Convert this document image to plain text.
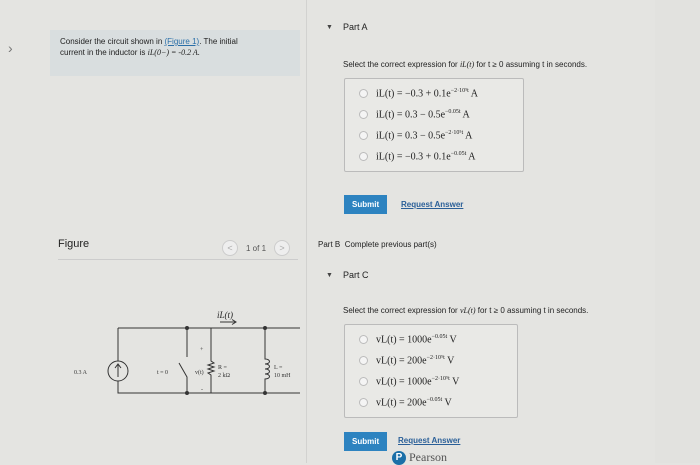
›	Consider the circuit shown in (Figure 1). The initial
current in the inductor is iL(0−) = -0.2 A.
Figure	<	1 of 1	>
iL(t)
0.3 A	t = 0	v(t)
+
-
R =
2 kΩ
L =
10 mH
▼ Part A
Select the correct expression for iL(t) for t ≥ 0 assuming t in seconds.
$iL(t) = -0.3 + 0.1e^{-2\cdot 10^5t}$ A
$iL(t) = 0.3 - 0.5e^{-0.05t}$ A
$iL(t) = 0.3 - 0.5e^{-2\cdot 10^5t}$ A
$iL(t) = -0.3 + 0.1e^{-0.05t}$ A
Submit	Request Answer
Part B Complete previous part(s)
▼ Part C
Select the correct expression for vL(t) for t ≥ 0 assuming t in seconds.
$vL(t) = 1000e^{-0.05t}$ V
$vL(t) = 200e^{-2\cdot 10^5t}$ V
$vL(t) = 1000e^{-2\cdot 10^5t}$ V
$vL(t) = 200e^{-0.05t}$ V
Submit	Request Answer
P Pearson
